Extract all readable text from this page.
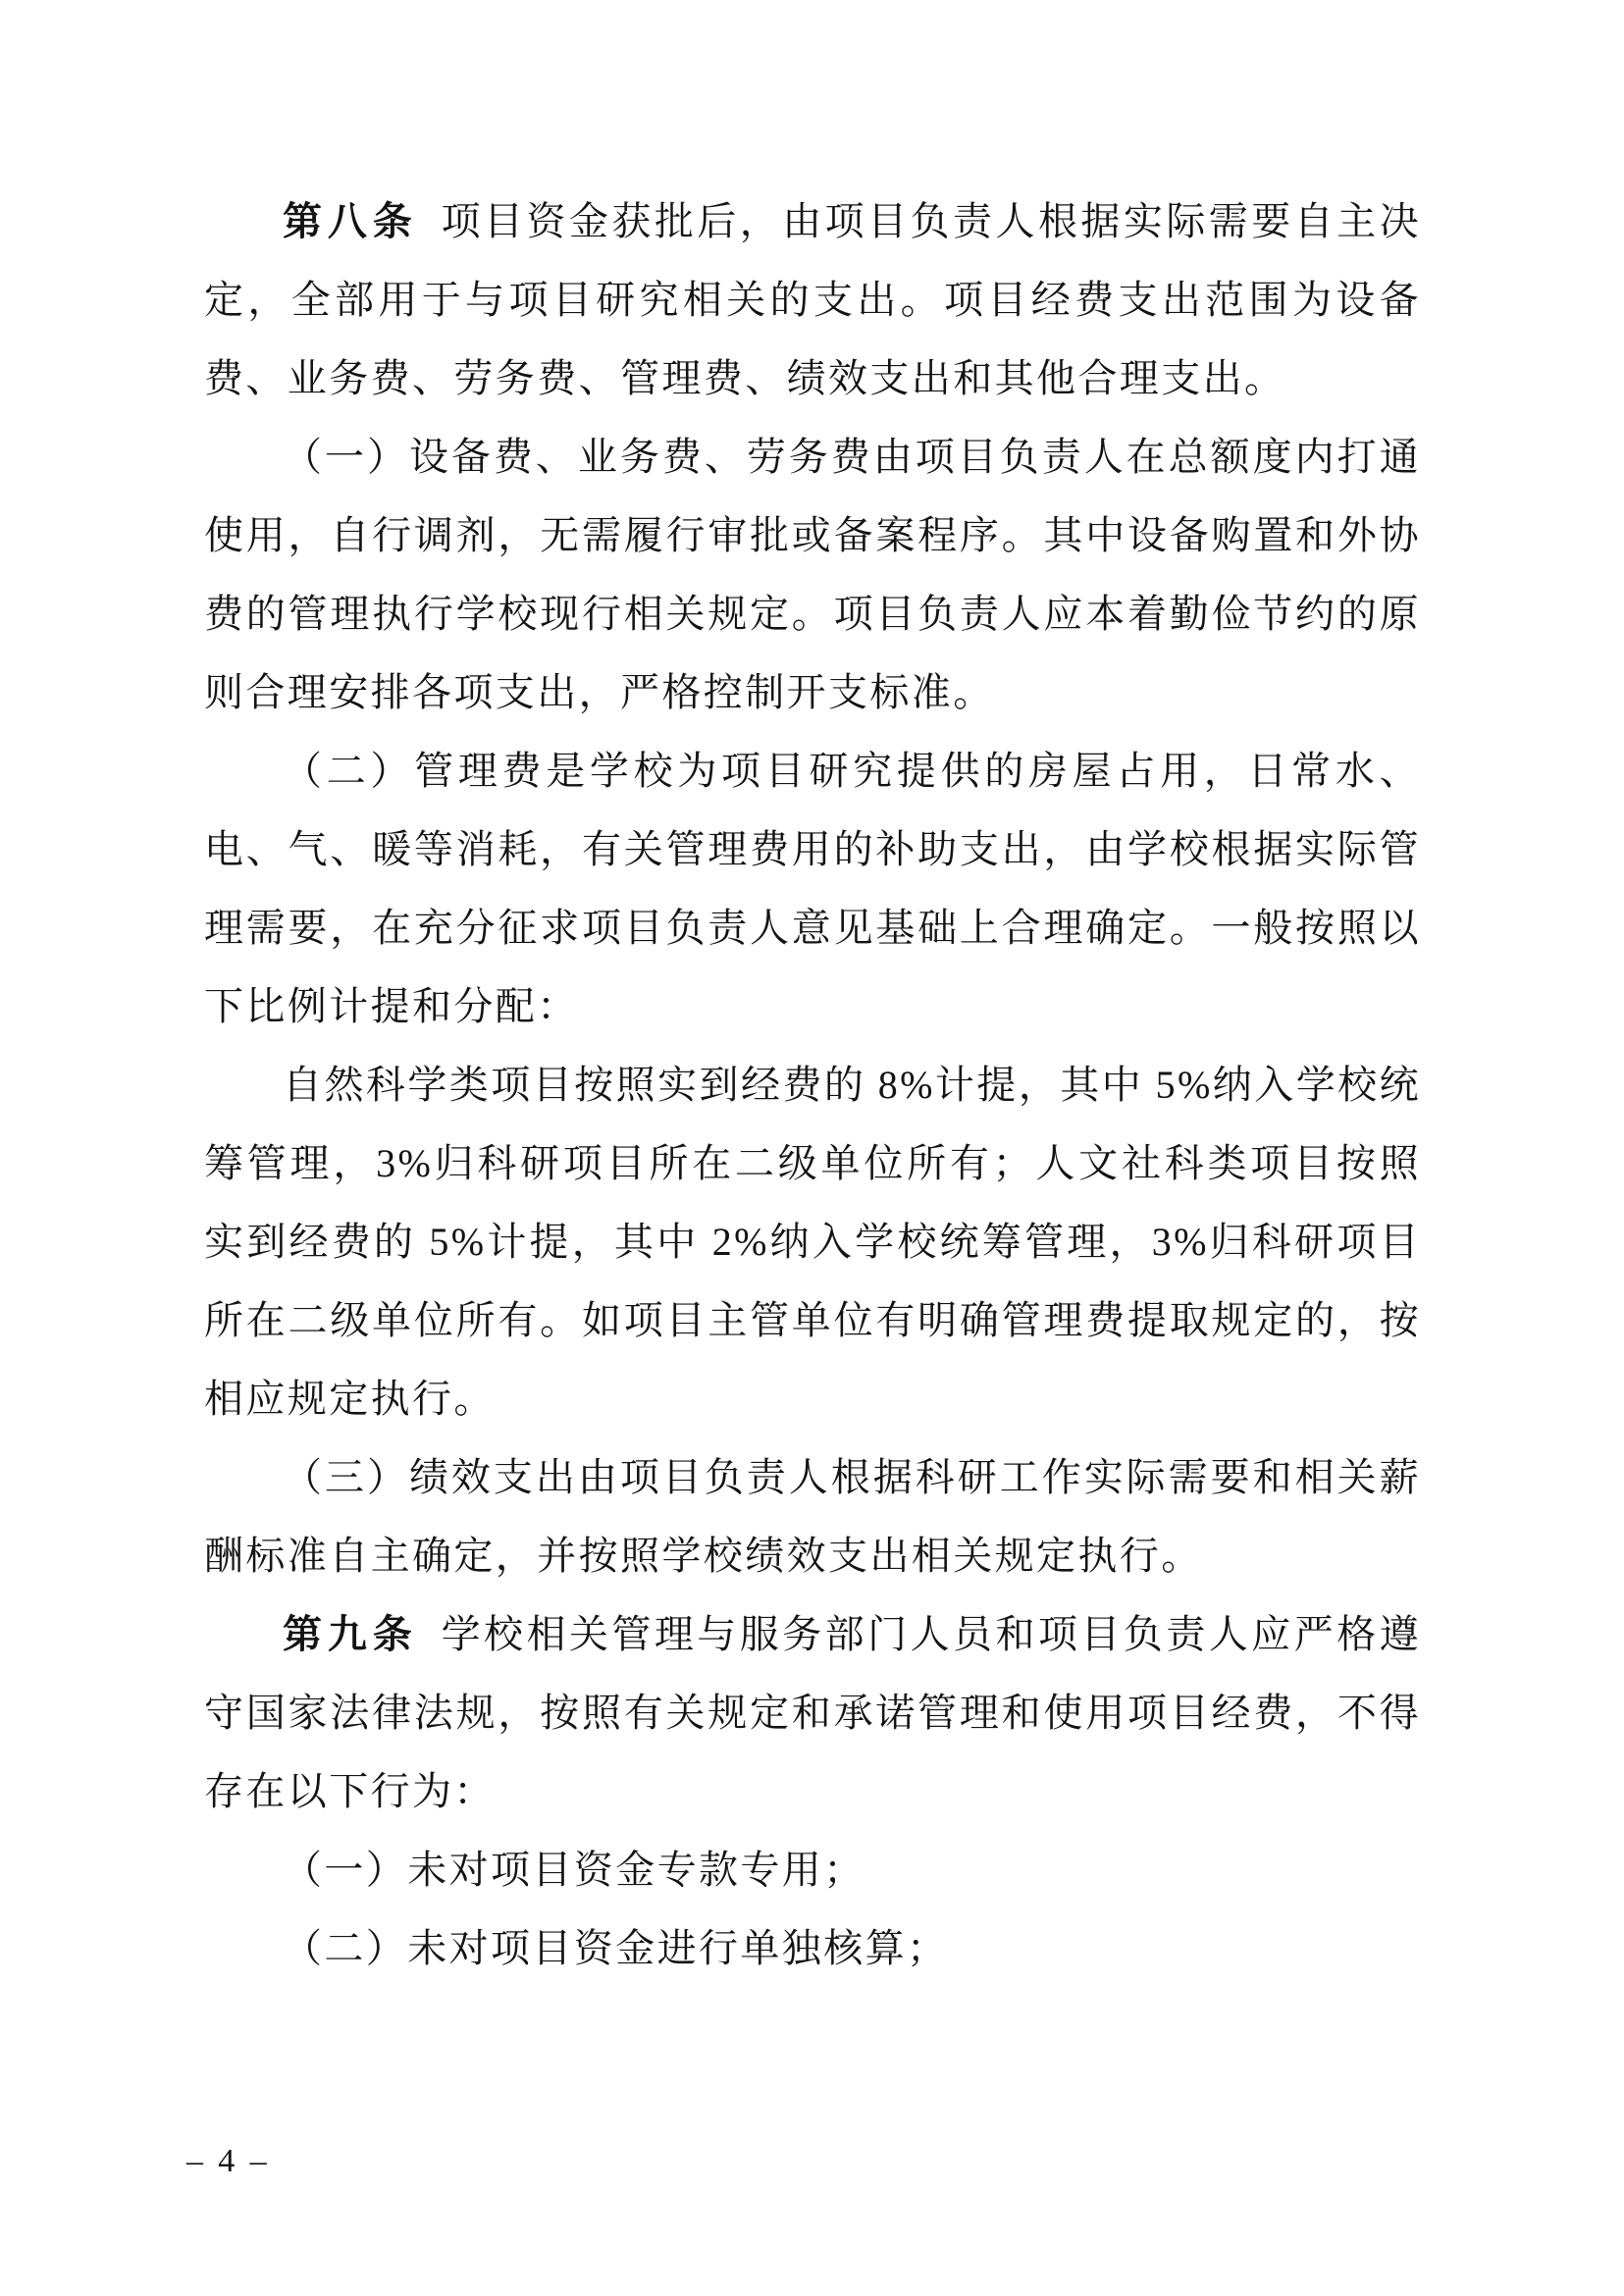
第八条 项目资金获批后，由项目负责人根据实际需要自主决定，全部用于与项目研究相关的支出。项目经费支出范围为设备费、业务费、劳务费、管理费、绩效支出和其他合理支出。

（一）设备费、业务费、劳务费由项目负责人在总额度内打通使用，自行调剂，无需履行审批或备案程序。其中设备购置和外协费的管理执行学校现行相关规定。项目负责人应本着勤俭节约的原则合理安排各项支出，严格控制开支标准。

（二）管理费是学校为项目研究提供的房屋占用，日常水、电、气、暖等消耗，有关管理费用的补助支出，由学校根据实际管理需要，在充分征求项目负责人意见基础上合理确定。一般按照以下比例计提和分配：

自然科学类项目按照实到经费的 8%计提，其中 5%纳入学校统筹管理，3%归科研项目所在二级单位所有；人文社科类项目按照实到经费的 5%计提，其中 2%纳入学校统筹管理，3%归科研项目所在二级单位所有。如项目主管单位有明确管理费提取规定的，按相应规定执行。

（三）绩效支出由项目负责人根据科研工作实际需要和相关薪酬标准自主确定，并按照学校绩效支出相关规定执行。

第九条 学校相关管理与服务部门人员和项目负责人应严格遵守国家法律法规，按照有关规定和承诺管理和使用项目经费，不得存在以下行为：

（一）未对项目资金专款专用；

（二）未对项目资金进行单独核算；

– 4 –
